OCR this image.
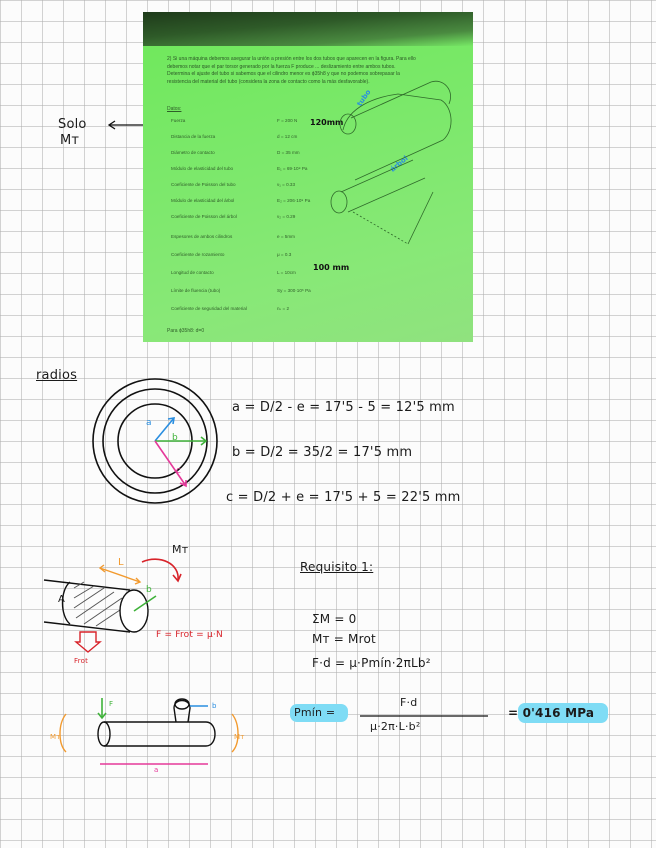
Solo
Mт
2) Si una máquina debemos asegurar la unión a presión entre los dos tubos que aparecen en la figura. Para ello debemos notar que el par torsor generado por la fuerza F produce ... deslizamiento entre ambos tubos. Determina el ajuste del tubo si sabemos que el cilindro menor es ϕ35h8 y que no podemos sobrepasar la resistencia del material del tubo (considera la zona de contacto como la más desfavorable).
Datos:
Fuerza	F = 200 N
Distancia de la fuerza	d = 12 cm
Diámetro de contacto	D = 35 mm
Módulo de elasticidad del tubo	E₁ = 69·10⁹ Pa
Coeficiente de Poisson del tubo	ν₁ = 0.33
Módulo de elasticidad del árbol	E₂ = 206·10⁹ Pa
Coeficiente de Poisson del árbol	ν₂ = 0.29
Espesores de ambos cilindros	e = 5mm
Coeficiente de rozamiento	μ = 0.3
Longitud de contacto	L = 10cm
Límite de fluencia (tubo)	Sy = 300·10⁶ Pa
Coeficiente de seguridad del material	nₛ = 2
Para ϕ35h8: d=0
120mm
100 mm
tubo
árbol
radios
a
b
c
a = D/2 - e = 17'5 - 5 = 12'5 mm
b = D/2 = 35/2 = 17'5 mm
c = D/2 + e = 17'5 + 5 = 22'5 mm
Mт
L
b
A
F = Frot = μ·N
Frot
Requisito 1:
ΣM = 0
Mт = Mrot
F·d = μ·Pmín·2πLb²
Pmín =
F·d
μ·2π·L·b²
= 0'416 MPa
F	b
Mт	Mт
a
